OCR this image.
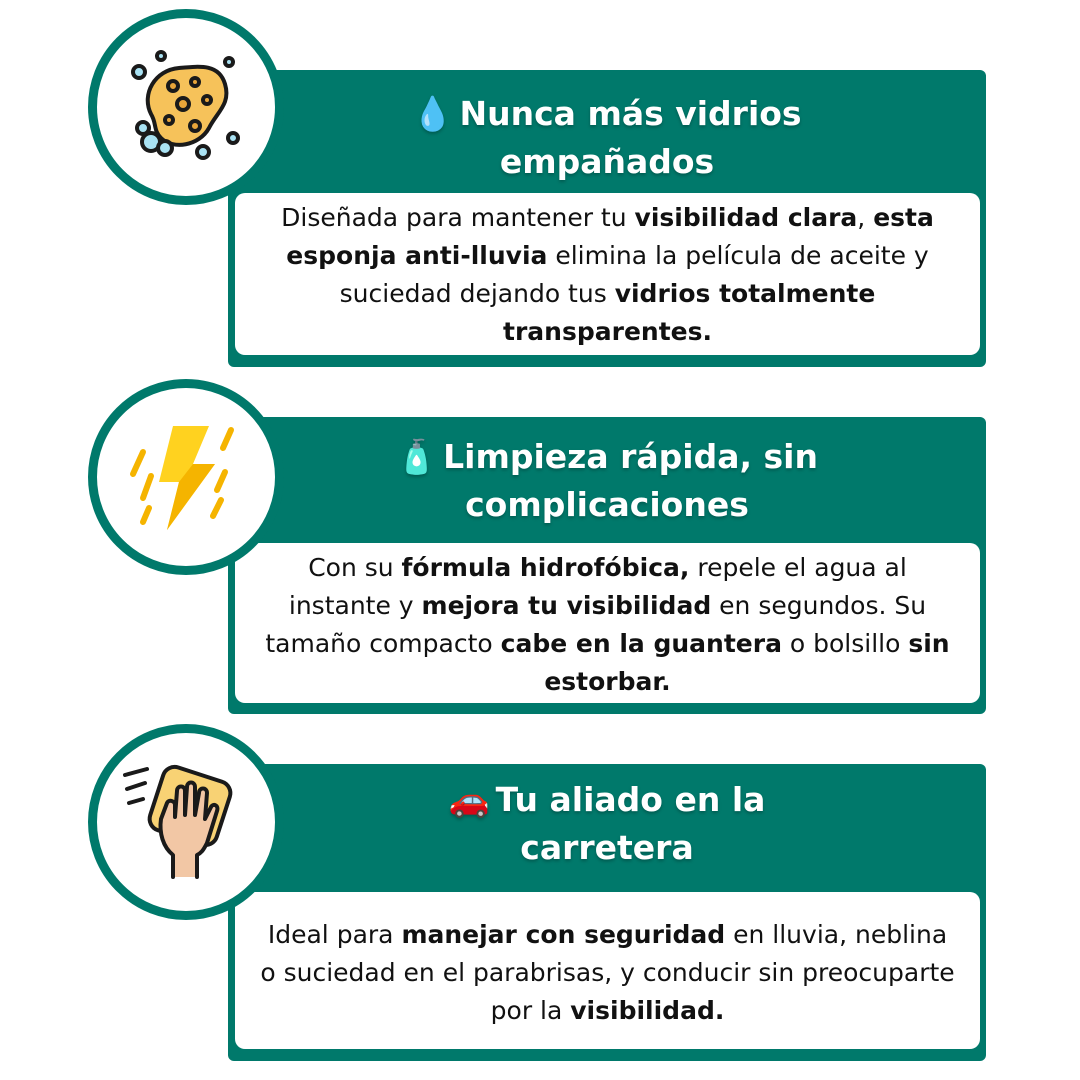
💧 Nunca más vidrios
empañados
Diseñada para mantener tu visibilidad clara, esta esponja anti-lluvia elimina la película de aceite y suciedad dejando tus vidrios totalmente transparentes.
🧴 Limpieza rápida, sin
complicaciones
Con su fórmula hidrofóbica, repele el agua al instante y mejora tu visibilidad en segundos. Su tamaño compacto cabe en la guantera o bolsillo sin estorbar.
🚗 Tu aliado en la
carretera
Ideal para manejar con seguridad en lluvia, neblina o suciedad en el parabrisas, y conducir sin preocuparte por la visibilidad.
